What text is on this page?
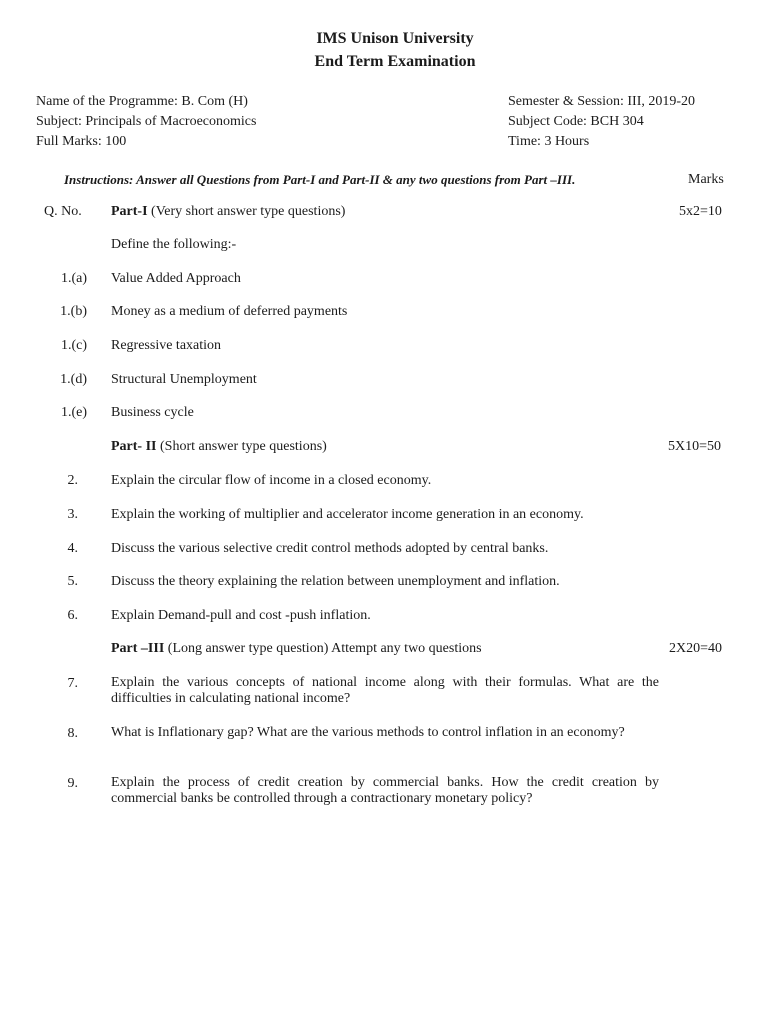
IMS Unison University
End Term Examination
Name of the Programme: B. Com (H)
Subject: Principals of Macroeconomics
Full Marks: 100
Semester & Session: III, 2019-20
Subject Code: BCH 304
Time: 3 Hours
Instructions: Answer all Questions from Part-I and Part-II & any two questions from Part –III.	Marks
Q. No. Part-I (Very short answer type questions)	5x2=10
Define the following:-
1.(a) Value Added Approach
1.(b) Money as a medium of deferred payments
1.(c) Regressive taxation
1.(d) Structural Unemployment
1.(e) Business cycle
Part- II (Short answer type questions)	5X10=50
2. Explain the circular flow of income in a closed economy.
3. Explain the working of multiplier and accelerator income generation in an economy.
4. Discuss the various selective credit control methods adopted by central banks.
5. Discuss the theory explaining the relation between unemployment and inflation.
6. Explain Demand-pull and cost -push inflation.
Part –III (Long answer type question) Attempt any two questions	2X20=40
7. Explain the various concepts of national income along with their formulas. What are the difficulties in calculating national income?
8. What is Inflationary gap? What are the various methods to control inflation in an economy?
9. Explain the process of credit creation by commercial banks. How the credit creation by commercial banks be controlled through a contractionary monetary policy?
